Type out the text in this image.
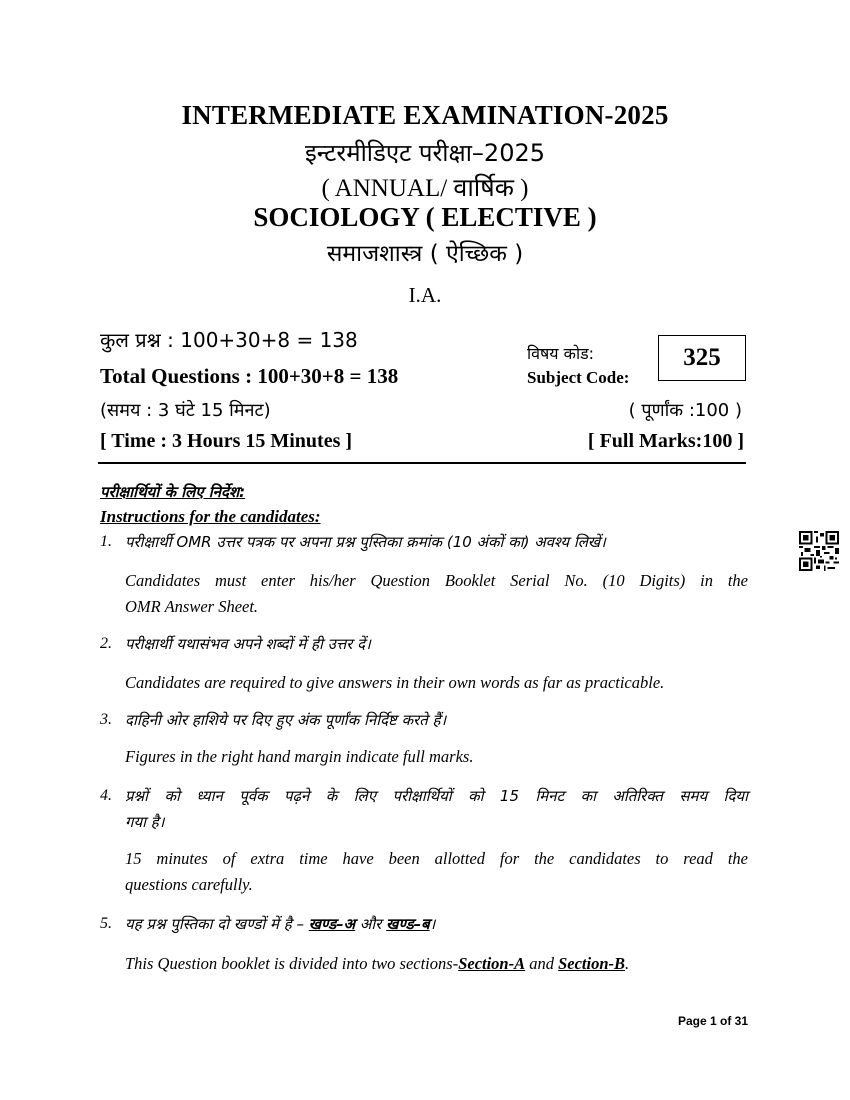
INTERMEDIATE EXAMINATION-2025
इन्टरमीडिएट परीक्षा–2025
( ANNUAL/ वार्षिक )
SOCIOLOGY ( ELECTIVE )
समाजशास्त्र ( ऐच्छिक )
I.A.
कुल प्रश्न : 100+30+8 = 138
Total Questions : 100+30+8 = 138
विषय कोड:
Subject Code:
325
(समय : 3 घंटे 15 मिनट)	( पूर्णांक :100 )
[ Time : 3 Hours 15 Minutes ]	[ Full Marks:100 ]
परीक्षार्थियों के लिए निर्देश:
Instructions for the candidates:
1. परीक्षार्थी OMR उत्तर पत्रक पर अपना प्रश्न पुस्तिका क्रमांक (10 अंकों का) अवश्य लिखें।
Candidates must enter his/her Question Booklet Serial No. (10 Digits) in the
OMR Answer Sheet.
2. परीक्षार्थी यथासंभव अपने शब्दों में ही उत्तर दें।
Candidates are required to give answers in their own words as far as practicable.
3. दाहिनी ओर हाशिये पर दिए हुए अंक पूर्णांक निर्दिष्ट करते हैं।
Figures in the right hand margin indicate full marks.
4. प्रश्नों को ध्यान पूर्वक पढ़ने के लिए परीक्षार्थियों को 15 मिनट का अतिरिक्त समय दिया
गया है।
15 minutes of extra time have been allotted for the candidates to read the
questions carefully.
5. यह प्रश्न पुस्तिका दो खण्डों में है – खण्ड–अ और खण्ड–ब।
This Question booklet is divided into two sections-Section-A and Section-B.
Page 1 of 31
